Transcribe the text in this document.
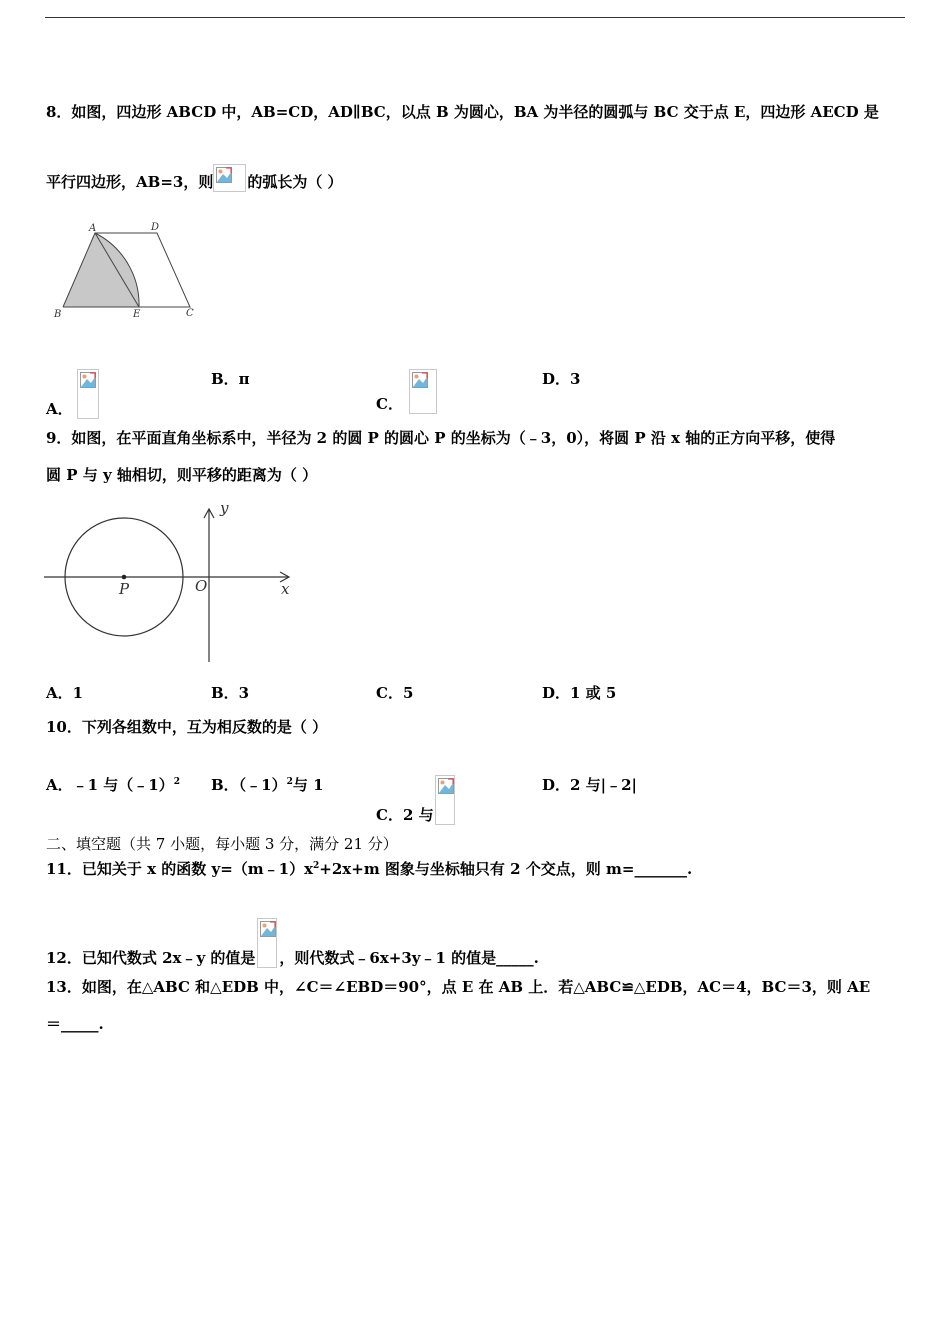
8．如图，四边形 ABCD 中，AB=CD，AD∥BC，以点 B 为圆心，BA 为半径的圆弧与 BC 交于点 E，四边形 AECD 是
平行四边形，AB=3，则 的弧长为（ ）
A	D
B	E	C
A．
B．π
C．
D．3
9．如图，在平面直角坐标系中，半径为 2 的圆 P 的圆心 P 的坐标为（﹣3，0），将圆 P 沿 x 轴的正方向平移，使得
圆 P 与 y 轴相切，则平移的距离为（ ）
y
P	O	x
A．1	B．3	C．5	D．1 或 5
10．下列各组数中，互为相反数的是（ ）
A．﹣1 与（﹣1）$^2$ B．（﹣1）$^2$与 1
C．2 与
D．2 与|﹣2|
二、填空题（共 7 小题，每小题 3 分，满分 21 分）
11．已知关于 x 的函数 $y=(m﹣1)x^2+2x+m$ 图象与坐标轴只有 2 个交点，则 m=_______.
12．已知代数式 2x﹣y 的值是 ，则代数式﹣6x+3y﹣1 的值是_____.
13．如图，在△ABC 和△EDB 中，∠C＝∠EBD＝90°，点 E 在 AB 上．若△ABC≌△EDB，AC＝4，BC＝3，则 AE
＝_____.
